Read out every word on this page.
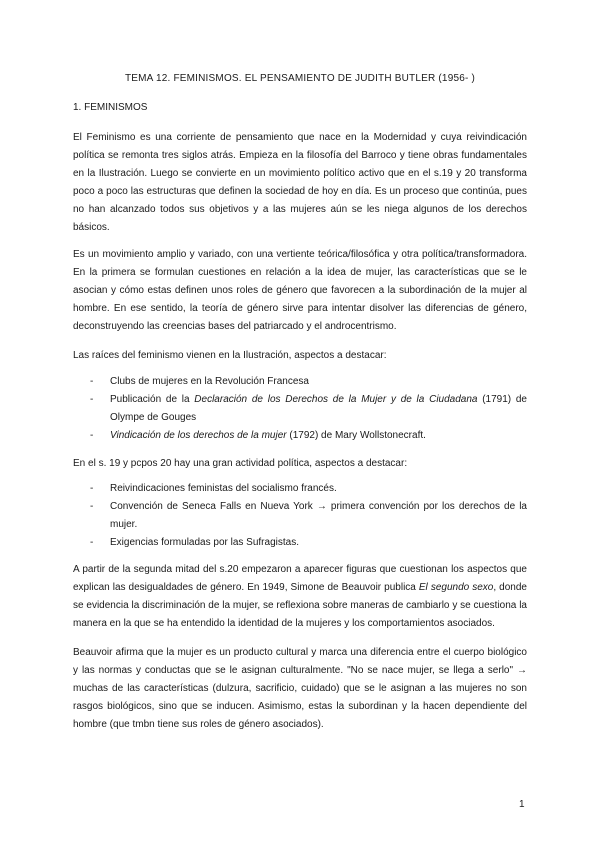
TEMA 12. FEMINISMOS. EL PENSAMIENTO DE JUDITH BUTLER (1956- )
1. FEMINISMOS

El Feminismo es una corriente de pensamiento que nace en la Modernidad y cuya reivindicación política se remonta tres siglos atrás. Empieza en la filosofía del Barroco y tiene obras fundamentales en la Ilustración. Luego se convierte en un movimiento político activo que en el s.19 y 20 transforma poco a poco las estructuras que definen la sociedad de hoy en día. Es un proceso que continúa, pues no han alcanzado todos sus objetivos y a las mujeres aún se les niega algunos de los derechos básicos.

Es un movimiento amplio y variado, con una vertiente teórica/filosófica y otra política/transformadora. En la primera se formulan cuestiones en relación a la idea de mujer, las características que se le asocian y cómo estas definen unos roles de género que favorecen a la subordinación de la mujer al hombre. En ese sentido, la teoría de género sirve para intentar disolver las diferencias de género, deconstruyendo las creencias bases del patriarcado y el androcentrismo.

Las raíces del feminismo vienen en la Ilustración, aspectos a destacar:

- Clubs de mujeres en la Revolución Francesa
- Publicación de la Declaración de los Derechos de la Mujer y de la Ciudadana (1791) de Olympe de Gouges
- Vindicación de los derechos de la mujer (1792) de Mary Wollstonecraft.

En el s. 19 y pcpos 20 hay una gran actividad política, aspectos a destacar:

- Reivindicaciones feministas del socialismo francés.
- Convención de Seneca Falls en Nueva York → primera convención por los derechos de la mujer.
- Exigencias formuladas por las Sufragistas.

A partir de la segunda mitad del s.20 empezaron a aparecer figuras que cuestionan los aspectos que explican las desigualdades de género. En 1949, Simone de Beauvoir publica El segundo sexo, donde se evidencia la discriminación de la mujer, se reflexiona sobre maneras de cambiarlo y se cuestiona la manera en la que se ha entendido la identidad de la mujeres y los comportamientos asociados.

Beauvoir afirma que la mujer es un producto cultural y marca una diferencia entre el cuerpo biológico y las normas y conductas que se le asignan culturalmente. "No se nace mujer, se llega a serlo" → muchas de las características (dulzura, sacrificio, cuidado) que se le asignan a las mujeres no son rasgos biológicos, sino que se inducen. Asimismo, estas la subordinan y la hacen dependiente del hombre (que tmbn tiene sus roles de género asociados).

1
